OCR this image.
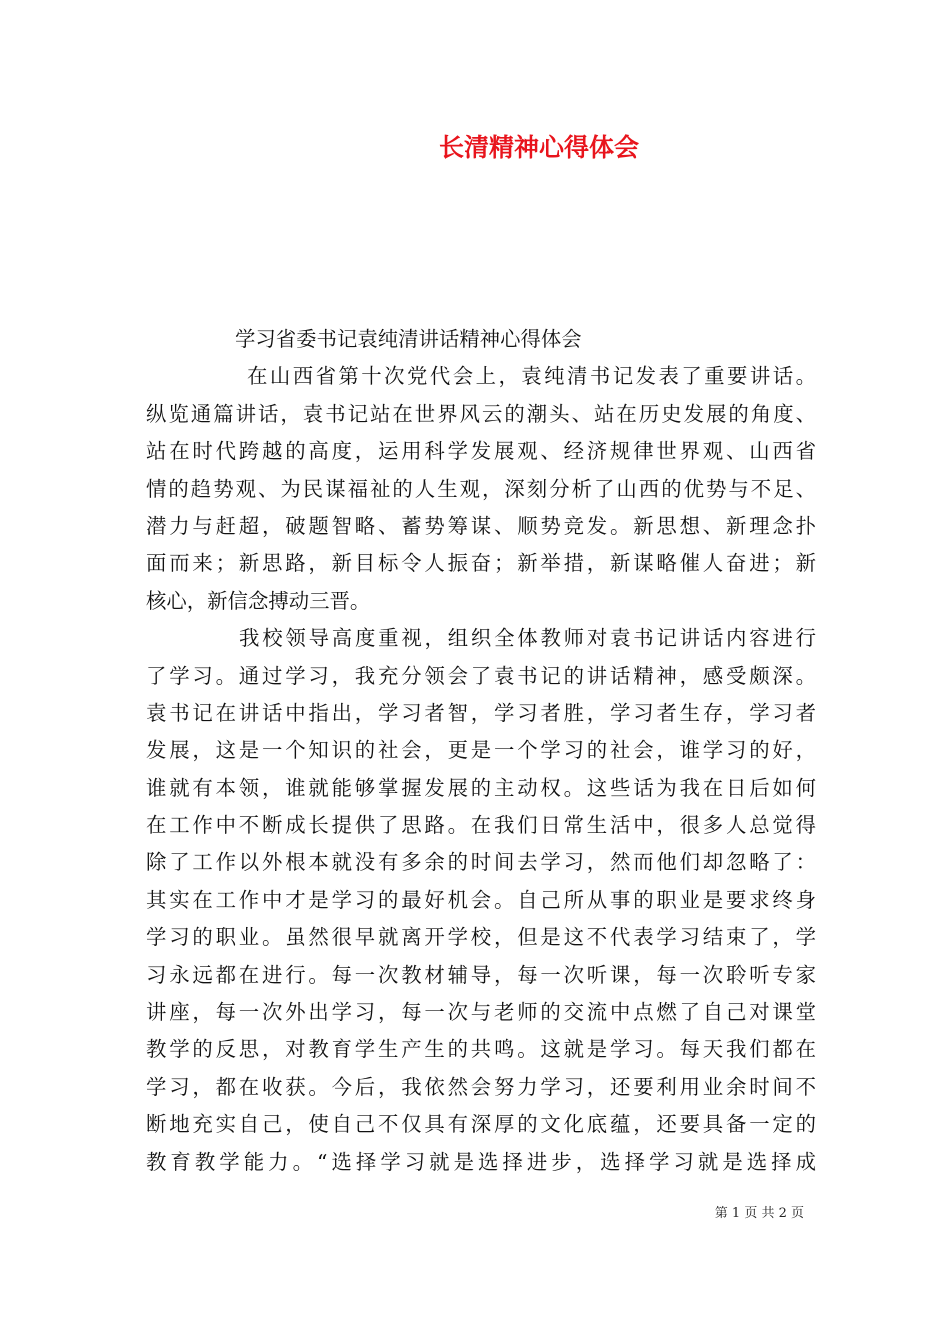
长清精神心得体会
学习省委书记袁纯清讲话精神心得体会
在山西省第十次党代会上，袁纯清书记发表了重要讲话。
纵览通篇讲话，袁书记站在世界风云的潮头、站在历史发展的角度、
站在时代跨越的高度，运用科学发展观、经济规律世界观、山西省
情的趋势观、为民谋福祉的人生观，深刻分析了山西的优势与不足、
潜力与赶超，破题智略、蓄势筹谋、顺势竞发。新思想、新理念扑
面而来；新思路，新目标令人振奋；新举措，新谋略催人奋进；新
核心，新信念搏动三晋。
我校领导高度重视，组织全体教师对袁书记讲话内容进行
了学习。通过学习，我充分领会了袁书记的讲话精神，感受颇深。
袁书记在讲话中指出，学习者智，学习者胜，学习者生存，学习者
发展，这是一个知识的社会，更是一个学习的社会，谁学习的好，
谁就有本领，谁就能够掌握发展的主动权。这些话为我在日后如何
在工作中不断成长提供了思路。在我们日常生活中，很多人总觉得
除了工作以外根本就没有多余的时间去学习，然而他们却忽略了：
其实在工作中才是学习的最好机会。自己所从事的职业是要求终身
学习的职业。虽然很早就离开学校，但是这不代表学习结束了，学
习永远都在进行。每一次教材辅导，每一次听课，每一次聆听专家
讲座，每一次外出学习，每一次与老师的交流中点燃了自己对课堂
教学的反思，对教育学生产生的共鸣。这就是学习。每天我们都在
学习，都在收获。今后，我依然会努力学习，还要利用业余时间不
断地充实自己，使自己不仅具有深厚的文化底蕴，还要具备一定的
教育教学能力。“选择学习就是选择进步，选择学习就是选择成
第 1 页 共 2 页
